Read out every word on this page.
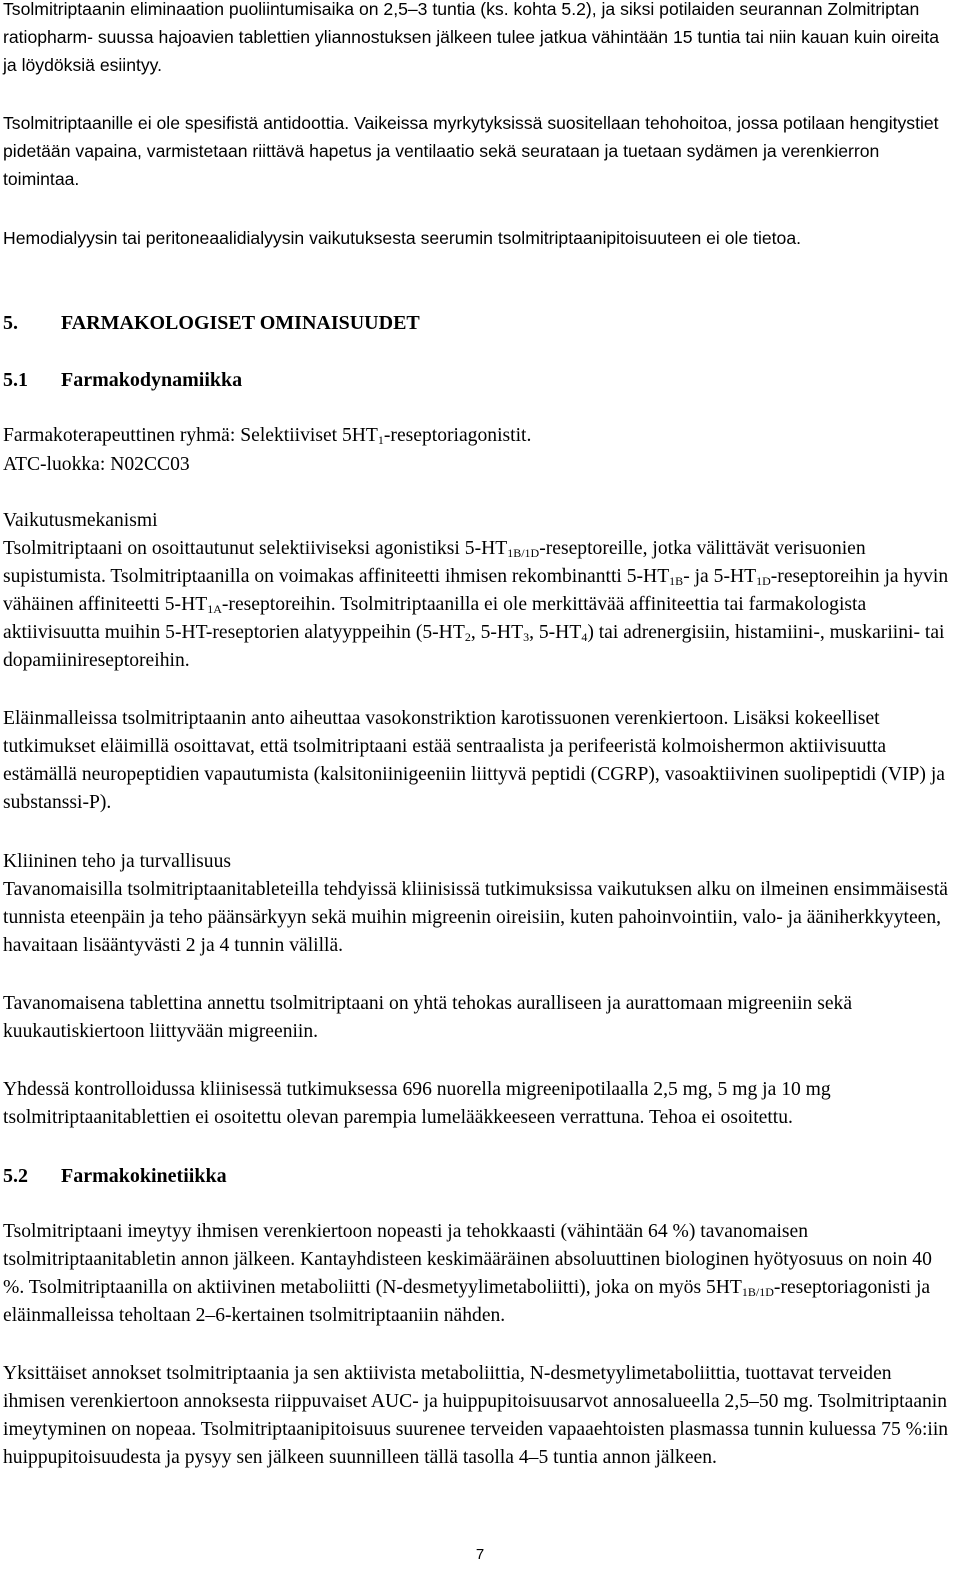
Tsolmitriptaanin eliminaation puoliintumisaika on 2,5–3 tuntia (ks. kohta 5.2), ja siksi potilaiden seurannan Zolmitriptan ratiopharm- suussa hajoavien tablettien yliannostuksen jälkeen tulee jatkua vähintään 15 tuntia tai niin kauan kuin oireita ja löydöksiä esiintyy.

Tsolmitriptaanille ei ole spesifistä antidoottia. Vaikeissa myrkytyksissä suositellaan tehohoitoa, jossa potilaan hengitystiet pidetään vapaina, varmistetaan riittävä hapetus ja ventilaatio sekä seurataan ja tuetaan sydämen ja verenkierron toimintaa.

Hemodialyysin tai peritoneaalidialyysin vaikutuksesta seerumin tsolmitriptaanipitoisuuteen ei ole tietoa.

5. FARMAKOLOGISET OMINAISUUDET
5.1 Farmakodynamiikka

Farmakoterapeuttinen ryhmä: Selektiiviset $5HT_1$-reseptoriagonistit.

ATC-luokka: N02CC03

Vaikutusmekanismi

Tsolmitriptaani on osoittautunut selektiiviseksi agonistiksi $5-HT_{1B/1D}$-reseptoreille, jotka välittävät verisuonien supistumista. Tsolmitriptaanilla on voimakas affiniteetti ihmisen rekombinantti $5-HT_{1B}-$ ja $5-HT_{1D}$-reseptoreihin ja hyvin vähäinen affiniteetti $5-HT_{1A}$-reseptoreihin. Tsolmitriptaanilla ei ole merkittävää affiniteettia tai farmakologista aktiivisuutta muihin 5-HT-reseptorien alatyyppeihin ($5-HT_2$, $5-HT_3$, $5-HT_4$) tai adrenergisiin, histamiini-, muskariini- tai dopamiinireseptoreihin.

Eläinmalleissa tsolmitriptaanin anto aiheuttaa vasokonstriktion karotissuonen verenkiertoon. Lisäksi kokeelliset tutkimukset eläimillä osoittavat, että tsolmitriptaani estää sentraalista ja perifeeristä kolmoishermon aktiivisuutta estämällä neuropeptidien vapautumista (kalsitoniinigeeniin liittyvä peptidi (CGRP), vasoaktiivinen suolipeptidi (VIP) ja substanssi-P).

Kliininen teho ja turvallisuus

Tavanomaisilla tsolmitriptaanitableteilla tehdyissä kliinisissä tutkimuksissa vaikutuksen alku on ilmeinen ensimmäisestä tunnista eteenpäin ja teho päänsärkyyn sekä muihin migreenin oireisiin, kuten pahoinvointiin, valo- ja ääniherkkyyteen, havaitaan lisääntyvästi 2 ja 4 tunnin välillä.

Tavanomaisena tablettina annettu tsolmitriptaani on yhtä tehokas auralliseen ja aurattomaan migreeniin sekä kuukautiskiertoon liittyvään migreeniin.

Yhdessä kontrolloidussa kliinisessä tutkimuksessa 696 nuorella migreenipotilaalla 2,5 mg, 5 mg ja 10 mg tsolmitriptaanitablettien ei osoitettu olevan parempia lumelääkkeeseen verrattuna. Tehoa ei osoitettu.

5.2 Farmakokinetiikka

Tsolmitriptaani imeytyy ihmisen verenkiertoon nopeasti ja tehokkaasti (vähintään 64 %) tavanomaisen tsolmitriptaanitabletin annon jälkeen. Kantayhdisteen keskimääräinen absoluuttinen biologinen hyötyosuus on noin 40 %. Tsolmitriptaanilla on aktiivinen metaboliitti (N-desmetyylimetaboliitti), joka on myös $5HT_{1B/1D}$-reseptoriagonisti ja eläinmalleissa teholtaan 2–6-kertainen tsolmitriptaaniin nähden.

Yksittäiset annokset tsolmitriptaania ja sen aktiivista metaboliittia, N-desmetyylimetaboliittia, tuottavat terveiden ihmisen verenkiertoon annoksesta riippuvaiset AUC- ja huippupitoisuusarvot annosalueella 2,5–50 mg. Tsolmitriptaanin imeytyminen on nopeaa. Tsolmitriptaanipitoisuus suurenee terveiden vapaaehtoisten plasmassa tunnin kuluessa 75 %:iin huippupitoisuudesta ja pysyy sen jälkeen suunnilleen tällä tasolla 4–5 tuntia annon jälkeen.

7
